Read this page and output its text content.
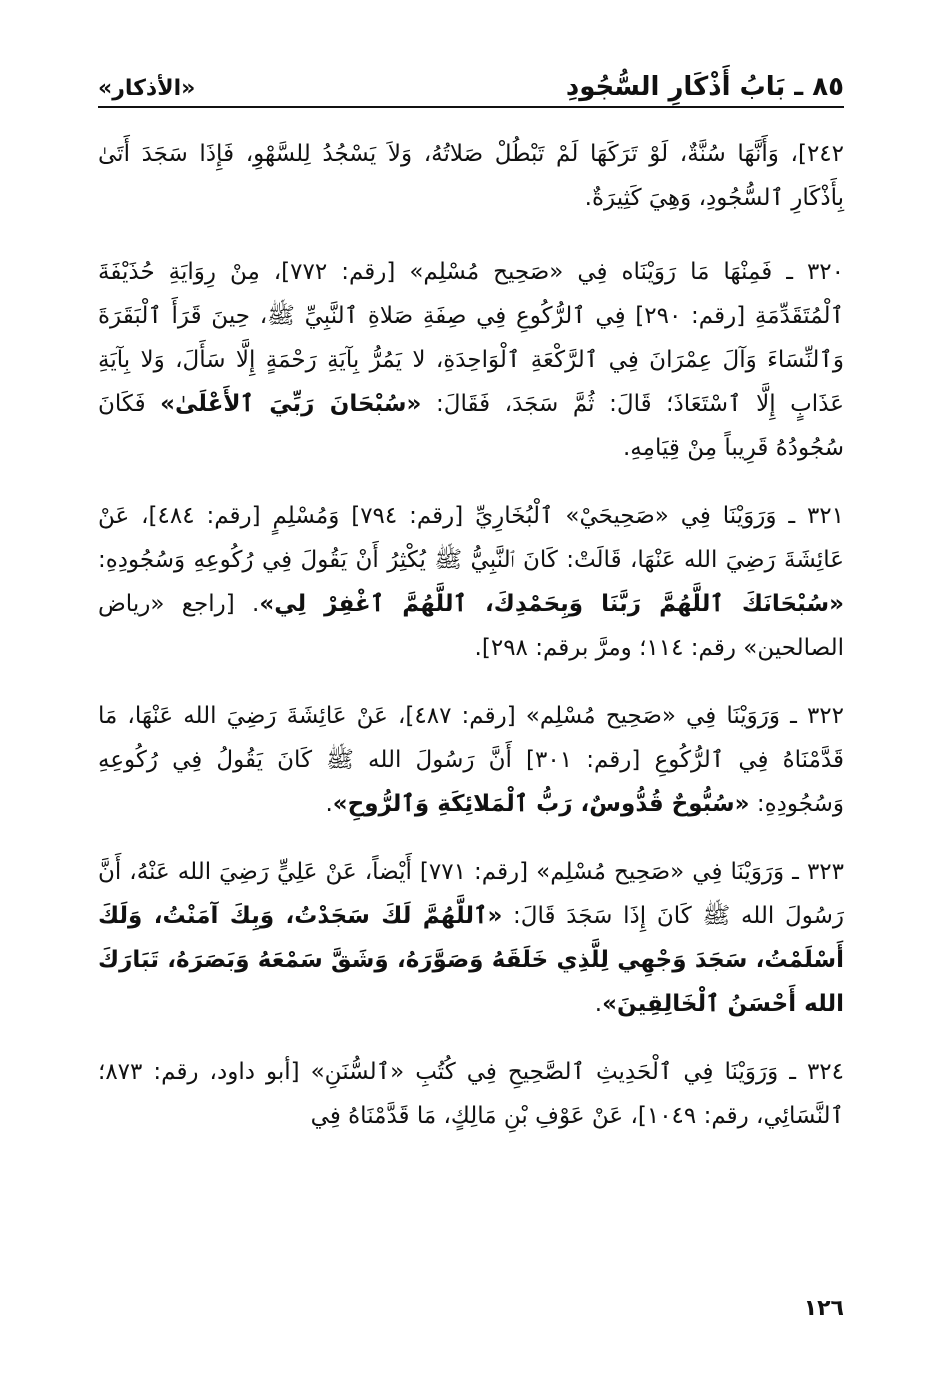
٨٥ ـ بَابُ أَذْكَارِ السُّجُودِ
«الأذكار»

٢٤٢]، وَأَنَّهَا سُنَّةٌ، لَوْ تَرَكَهَا لَمْ تَبْطُلْ صَلاتُهُ، وَلاَ يَسْجُدُ لِلسَّهْوِ، فَإِذَا سَجَدَ أَتَىٰ بِأَذْكَارِ ٱلسُّجُودِ، وَهِيَ كَثِيرَةٌ.

٣٢٠ ـ فَمِنْهَا مَا رَوَيْنَاه فِي «صَحِيح مُسْلِم» [رقم: ٧٧٢]، مِنْ رِوَايَةِ حُذَيْفَةَ ٱلْمُتَقَدِّمَةِ [رقم: ٢٩٠] فِي ٱلرُّكُوعِ فِي صِفَةِ صَلاةِ ٱلنَّبِيِّ ﷺ، حِينَ قَرَأَ ٱلْبَقَرَةَ وَٱلنِّسَاءَ وَآلَ عِمْرَانَ فِي ٱلرَّكْعَةِ ٱلْوَاحِدَةِ، لا يَمُرُّ بِآيَةِ رَحْمَةٍ إِلَّا سَأَلَ، وَلا بِآيَةِ عَذَابٍ إِلَّا ٱسْتَعَاذَ؛ قَالَ: ثُمَّ سَجَدَ، فَقَالَ: «سُبْحَانَ رَبِّيَ ٱلأَعْلَىٰ» فَكَانَ سُجُودُهُ قَرِيباً مِنْ قِيَامِهِ.

٣٢١ ـ وَرَوَيْنَا فِي «صَحِيحَيْ» ٱلْبُخَارِيِّ [رقم: ٧٩٤] وَمُسْلِمٍ [رقم: ٤٨٤]، عَنْ عَائِشَةَ رَضِيَ الله عَنْهَا، قَالَتْ: كَانَ ٱلنَّبِيُّ ﷺ يُكْثِرُ أَنْ يَقُولَ فِي رُكُوعِهِ وَسُجُودِهِ: «سُبْحَانَكَ ٱللَّهُمَّ رَبَّنَا وَبِحَمْدِكَ، ٱللَّهُمَّ ٱغْفِرْ لِي». [راجع «رياض الصالحين» رقم: ١١٤؛ ومرَّ برقم: ٢٩٨].

٣٢٢ ـ وَرَوَيْنَا فِي «صَحِيح مُسْلِم» [رقم: ٤٨٧]، عَنْ عَائِشَةَ رَضِيَ الله عَنْهَا، مَا قَدَّمْنَاهُ فِي ٱلرُّكُوعِ [رقم: ٣٠١] أَنَّ رَسُولَ الله ﷺ كَانَ يَقُولُ فِي رُكُوعِهِ وَسُجُودِهِ: «سُبُّوحٌ قُدُّوسٌ، رَبُّ ٱلْمَلائِكَةِ وَٱلرُّوحِ».

٣٢٣ ـ وَرَوَيْنَا فِي «صَحِيح مُسْلِم» [رقم: ٧٧١] أَيْضاً، عَنْ عَلِيٍّ رَضِيَ الله عَنْهُ، أَنَّ رَسُولَ الله ﷺ كَانَ إِذَا سَجَدَ قَالَ: «ٱللَّهُمَّ لَكَ سَجَدْتُ، وَبِكَ آمَنْتُ، وَلَكَ أَسْلَمْتُ، سَجَدَ وَجْهِي لِلَّذِي خَلَقَهُ وَصَوَّرَهُ، وَشَقَّ سَمْعَهُ وَبَصَرَهُ، تَبَارَكَ الله أَحْسَنُ ٱلْخَالِقِينَ».

٣٢٤ ـ وَرَوَيْنَا فِي ٱلْحَدِيثِ ٱلصَّحِيحِ فِي كُتُبِ «ٱلسُّنَنِ» [أبو داود، رقم: ٨٧٣؛ ٱلنَّسَائِي، رقم: ١٠٤٩]، عَنْ عَوْفِ بْنِ مَالِكٍ، مَا قَدَّمْنَاهُ فِي

١٢٦
